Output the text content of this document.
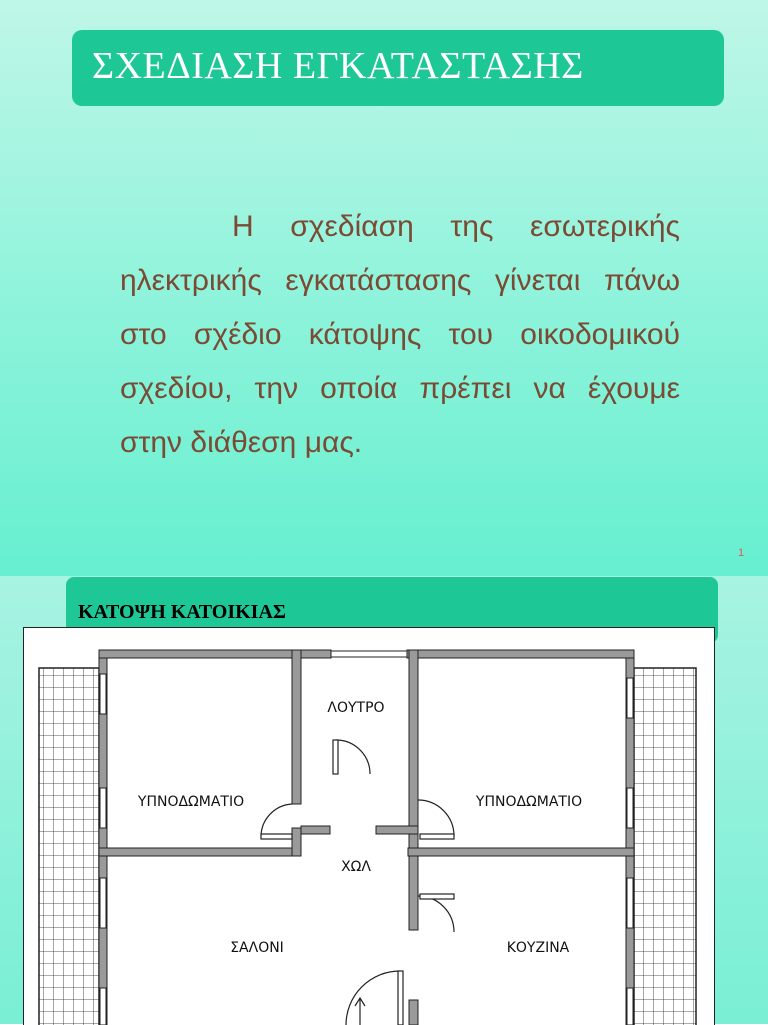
ΣΧΕΔΙΑΣΗ ΕΓΚΑΤΑΣΤΑΣΗΣ
Η σχεδίαση της εσωτερικής ηλεκτρικής εγκατάστασης γίνεται πάνω στο σχέδιο κάτοψης του οικοδομικού σχεδίου, την οποία πρέπει να έχουμε στην διάθεση μας.
1
ΚΑΤΟΨΗ ΚΑΤΟΙΚΙΑΣ
ΥΠΝΟΔΩΜΑΤΙΟ
ΛΟΥΤΡΟ
ΥΠΝΟΔΩΜΑΤΙΟ
ΧΩΛ
ΣΑΛΟΝΙ	ΚΟΥΖΙΝΑ
